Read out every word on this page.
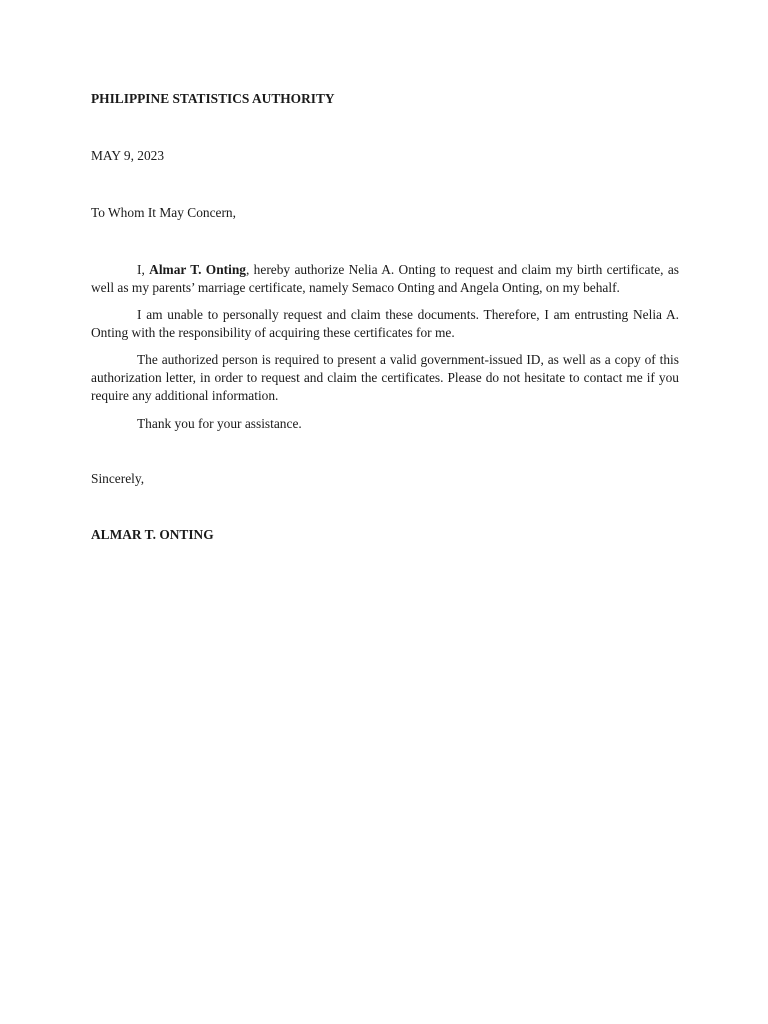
PHILIPPINE STATISTICS AUTHORITY

MAY 9, 2023

To Whom It May Concern,

I, Almar T. Onting, hereby authorize Nelia A. Onting to request and claim my birth certificate, as well as my parents’ marriage certificate, namely Semaco Onting and Angela Onting, on my behalf.

I am unable to personally request and claim these documents. Therefore, I am entrusting Nelia A. Onting with the responsibility of acquiring these certificates for me.

The authorized person is required to present a valid government-issued ID, as well as a copy of this authorization letter, in order to request and claim the certificates. Please do not hesitate to contact me if you require any additional information.

Thank you for your assistance.

Sincerely,

ALMAR T. ONTING
